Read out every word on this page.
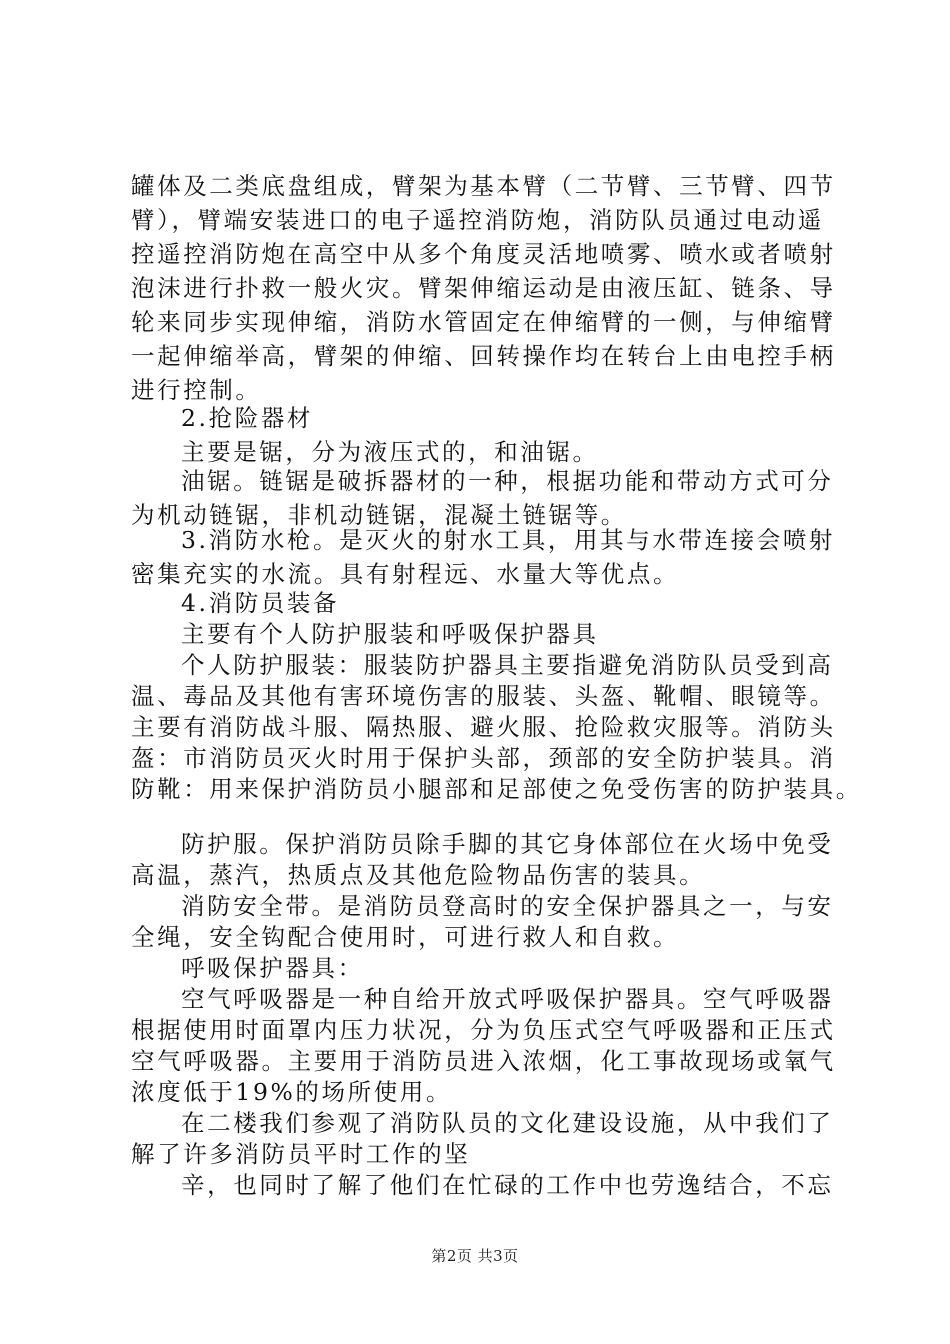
罐体及二类底盘组成，臂架为基本臂（二节臂、三节臂、四节
臂），臂端安装进口的电子遥控消防炮，消防队员通过电动遥
控遥控消防炮在高空中从多个角度灵活地喷雾、喷水或者喷射
泡沫进行扑救一般火灾。臂架伸缩运动是由液压缸、链条、导
轮来同步实现伸缩，消防水管固定在伸缩臂的一侧，与伸缩臂
一起伸缩举高，臂架的伸缩、回转操作均在转台上由电控手柄
进行控制。
2.抢险器材
主要是锯，分为液压式的，和油锯。
油锯。链锯是破拆器材的一种，根据功能和带动方式可分
为机动链锯，非机动链锯，混凝土链锯等。
3.消防水枪。是灭火的射水工具，用其与水带连接会喷射
密集充实的水流。具有射程远、水量大等优点。
4.消防员装备
主要有个人防护服装和呼吸保护器具
个人防护服装：服装防护器具主要指避免消防队员受到高
温、毒品及其他有害环境伤害的服装、头盔、靴帽、眼镜等。
主要有消防战斗服、隔热服、避火服、抢险救灾服等。消防头
盔：市消防员灭火时用于保护头部，颈部的安全防护装具。消
防靴：用来保护消防员小腿部和足部使之免受伤害的防护装具。
防护服。保护消防员除手脚的其它身体部位在火场中免受
高温，蒸汽，热质点及其他危险物品伤害的装具。
消防安全带。是消防员登高时的安全保护器具之一，与安
全绳，安全钩配合使用时，可进行救人和自救。
呼吸保护器具：
空气呼吸器是一种自给开放式呼吸保护器具。空气呼吸器
根据使用时面罩内压力状况，分为负压式空气呼吸器和正压式
空气呼吸器。主要用于消防员进入浓烟，化工事故现场或氧气
浓度低于19%的场所使用。
第2页 共3页
在二楼我们参观了消防队员的文化建设设施，从中我们了
解了许多消防员平时工作的坚
辛，也同时了解了他们在忙碌的工作中也劳逸结合，不忘
